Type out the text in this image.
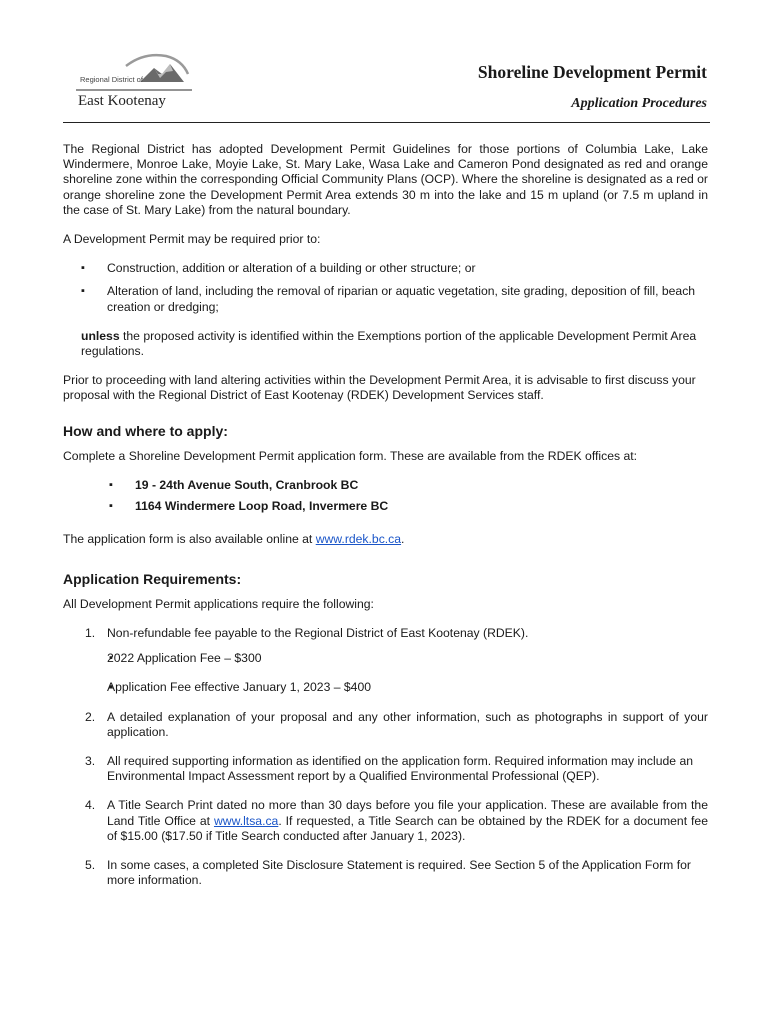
Regional District of
East Kootenay
Shoreline Development Permit
Application Procedures

The Regional District has adopted Development Permit Guidelines for those portions of Columbia Lake, Lake Windermere, Monroe Lake, Moyie Lake, St. Mary Lake, Wasa Lake and Cameron Pond designated as red and orange shoreline zone within the corresponding Official Community Plans (OCP). Where the shoreline is designated as a red or orange shoreline zone the Development Permit Area extends 30 m into the lake and 15 m upland (or 7.5 m upland in the case of St. Mary Lake) from the natural boundary.

A Development Permit may be required prior to:

▪ Construction, addition or alteration of a building or other structure; or
▪ Alteration of land, including the removal of riparian or aquatic vegetation, site grading, deposition of fill, beach creation or dredging;

unless the proposed activity is identified within the Exemptions portion of the applicable Development Permit Area regulations.

Prior to proceeding with land altering activities within the Development Permit Area, it is advisable to first discuss your proposal with the Regional District of East Kootenay (RDEK) Development Services staff.

How and where to apply:

Complete a Shoreline Development Permit application form. These are available from the RDEK offices at:

▪ 19 - 24th Avenue South, Cranbrook BC
▪ 1164 Windermere Loop Road, Invermere BC

The application form is also available online at www.rdek.bc.ca.

Application Requirements:

All Development Permit applications require the following:

1. Non-refundable fee payable to the Regional District of East Kootenay (RDEK).
▪ 2022 Application Fee – $300
▪ Application Fee effective January 1, 2023 – $400
2. A detailed explanation of your proposal and any other information, such as photographs in support of your application.
3. All required supporting information as identified on the application form. Required information may include an Environmental Impact Assessment report by a Qualified Environmental Professional (QEP).
4. A Title Search Print dated no more than 30 days before you file your application. These are available from the Land Title Office at www.ltsa.ca. If requested, a Title Search can be obtained by the RDEK for a document fee of $15.00 ($17.50 if Title Search conducted after January 1, 2023).
5. In some cases, a completed Site Disclosure Statement is required. See Section 5 of the Application Form for more information.
